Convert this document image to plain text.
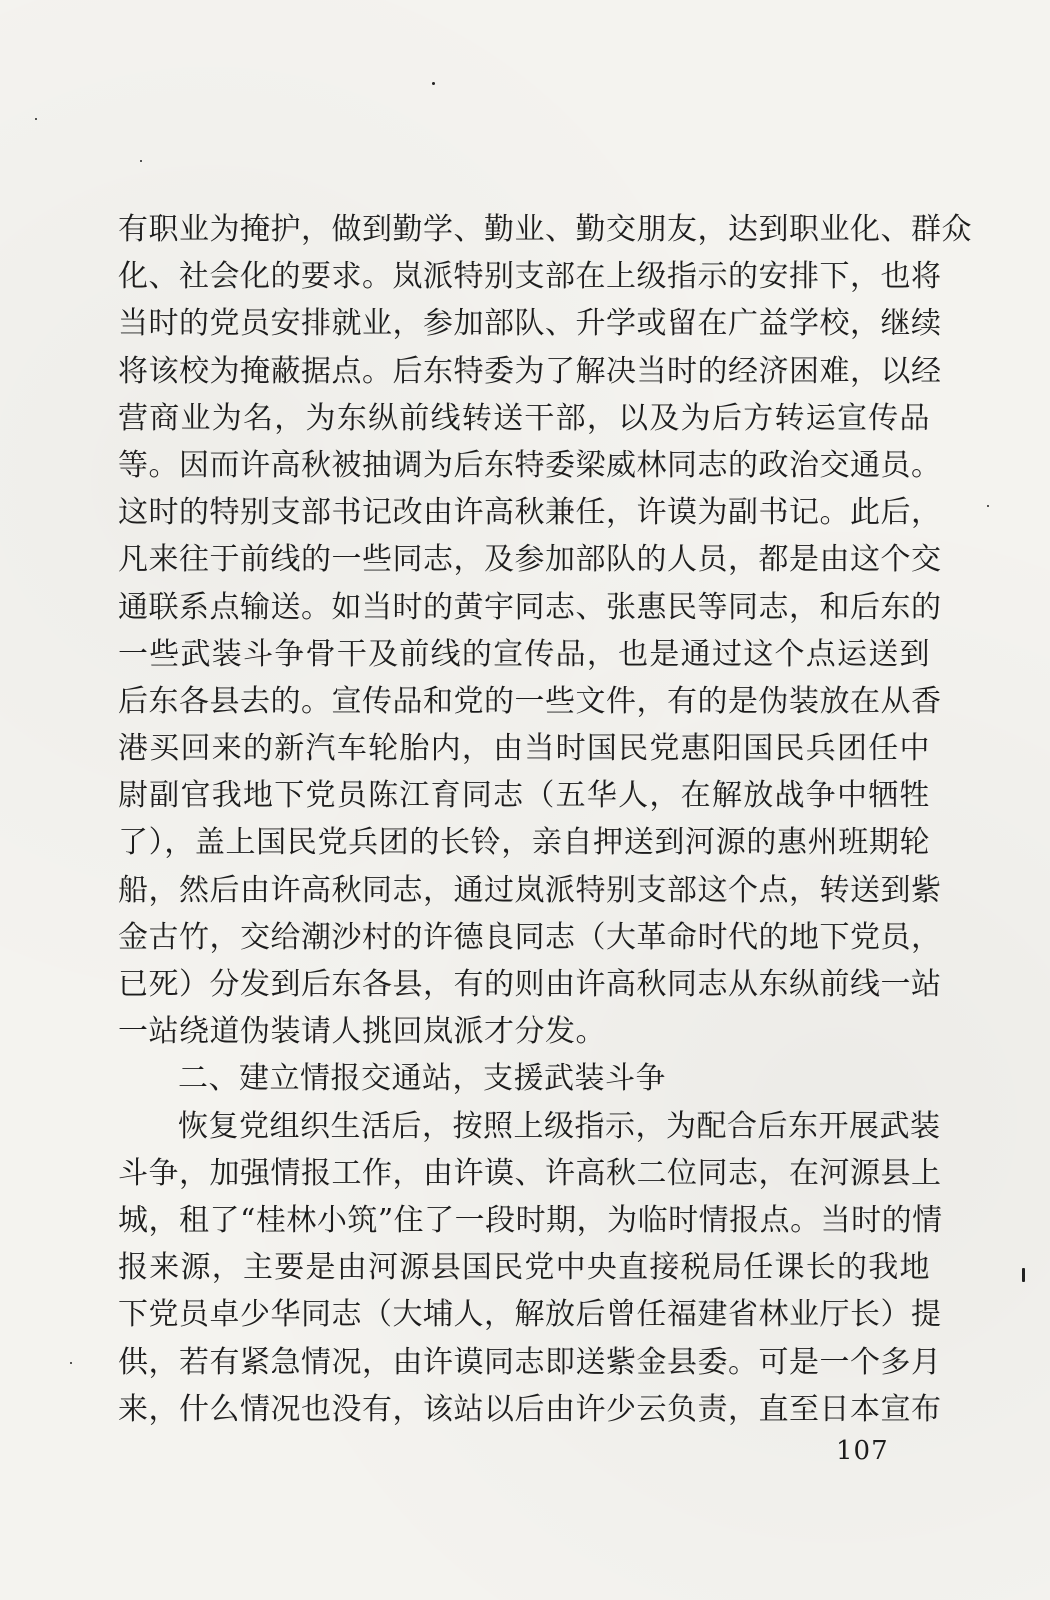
有职业为掩护，做到勤学、勤业、勤交朋友，达到职业化、群众
化、社会化的要求。岚派特别支部在上级指示的安排下，也将
当时的党员安排就业，参加部队、升学或留在广益学校，继续
将该校为掩蔽据点。后东特委为了解决当时的经济困难，以经
营商业为名，为东纵前线转送干部，以及为后方转运宣传品
等。因而许高秋被抽调为后东特委梁威林同志的政治交通员。
这时的特别支部书记改由许高秋兼任，许谟为副书记。此后，
凡来往于前线的一些同志，及参加部队的人员，都是由这个交
通联系点输送。如当时的黄宇同志、张惠民等同志，和后东的
一些武装斗争骨干及前线的宣传品，也是通过这个点运送到
后东各县去的。宣传品和党的一些文件，有的是伪装放在从香
港买回来的新汽车轮胎内，由当时国民党惠阳国民兵团任中
尉副官我地下党员陈江育同志（五华人，在解放战争中牺牲
了），盖上国民党兵团的长铃，亲自押送到河源的惠州班期轮
船，然后由许高秋同志，通过岚派特别支部这个点，转送到紫
金古竹，交给潮沙村的许德良同志（大革命时代的地下党员，
已死）分发到后东各县，有的则由许高秋同志从东纵前线一站
一站绕道伪装请人挑回岚派才分发。
二、建立情报交通站，支援武装斗争
恢复党组织生活后，按照上级指示，为配合后东开展武装
斗争，加强情报工作，由许谟、许高秋二位同志，在河源县上
城，租了“桂林小筑”住了一段时期，为临时情报点。当时的情
报来源，主要是由河源县国民党中央直接税局任课长的我地
下党员卓少华同志（大埔人，解放后曾任福建省林业厅长）提
供，若有紧急情况，由许谟同志即送紫金县委。可是一个多月
来，什么情况也没有，该站以后由许少云负责，直至日本宣布
107
